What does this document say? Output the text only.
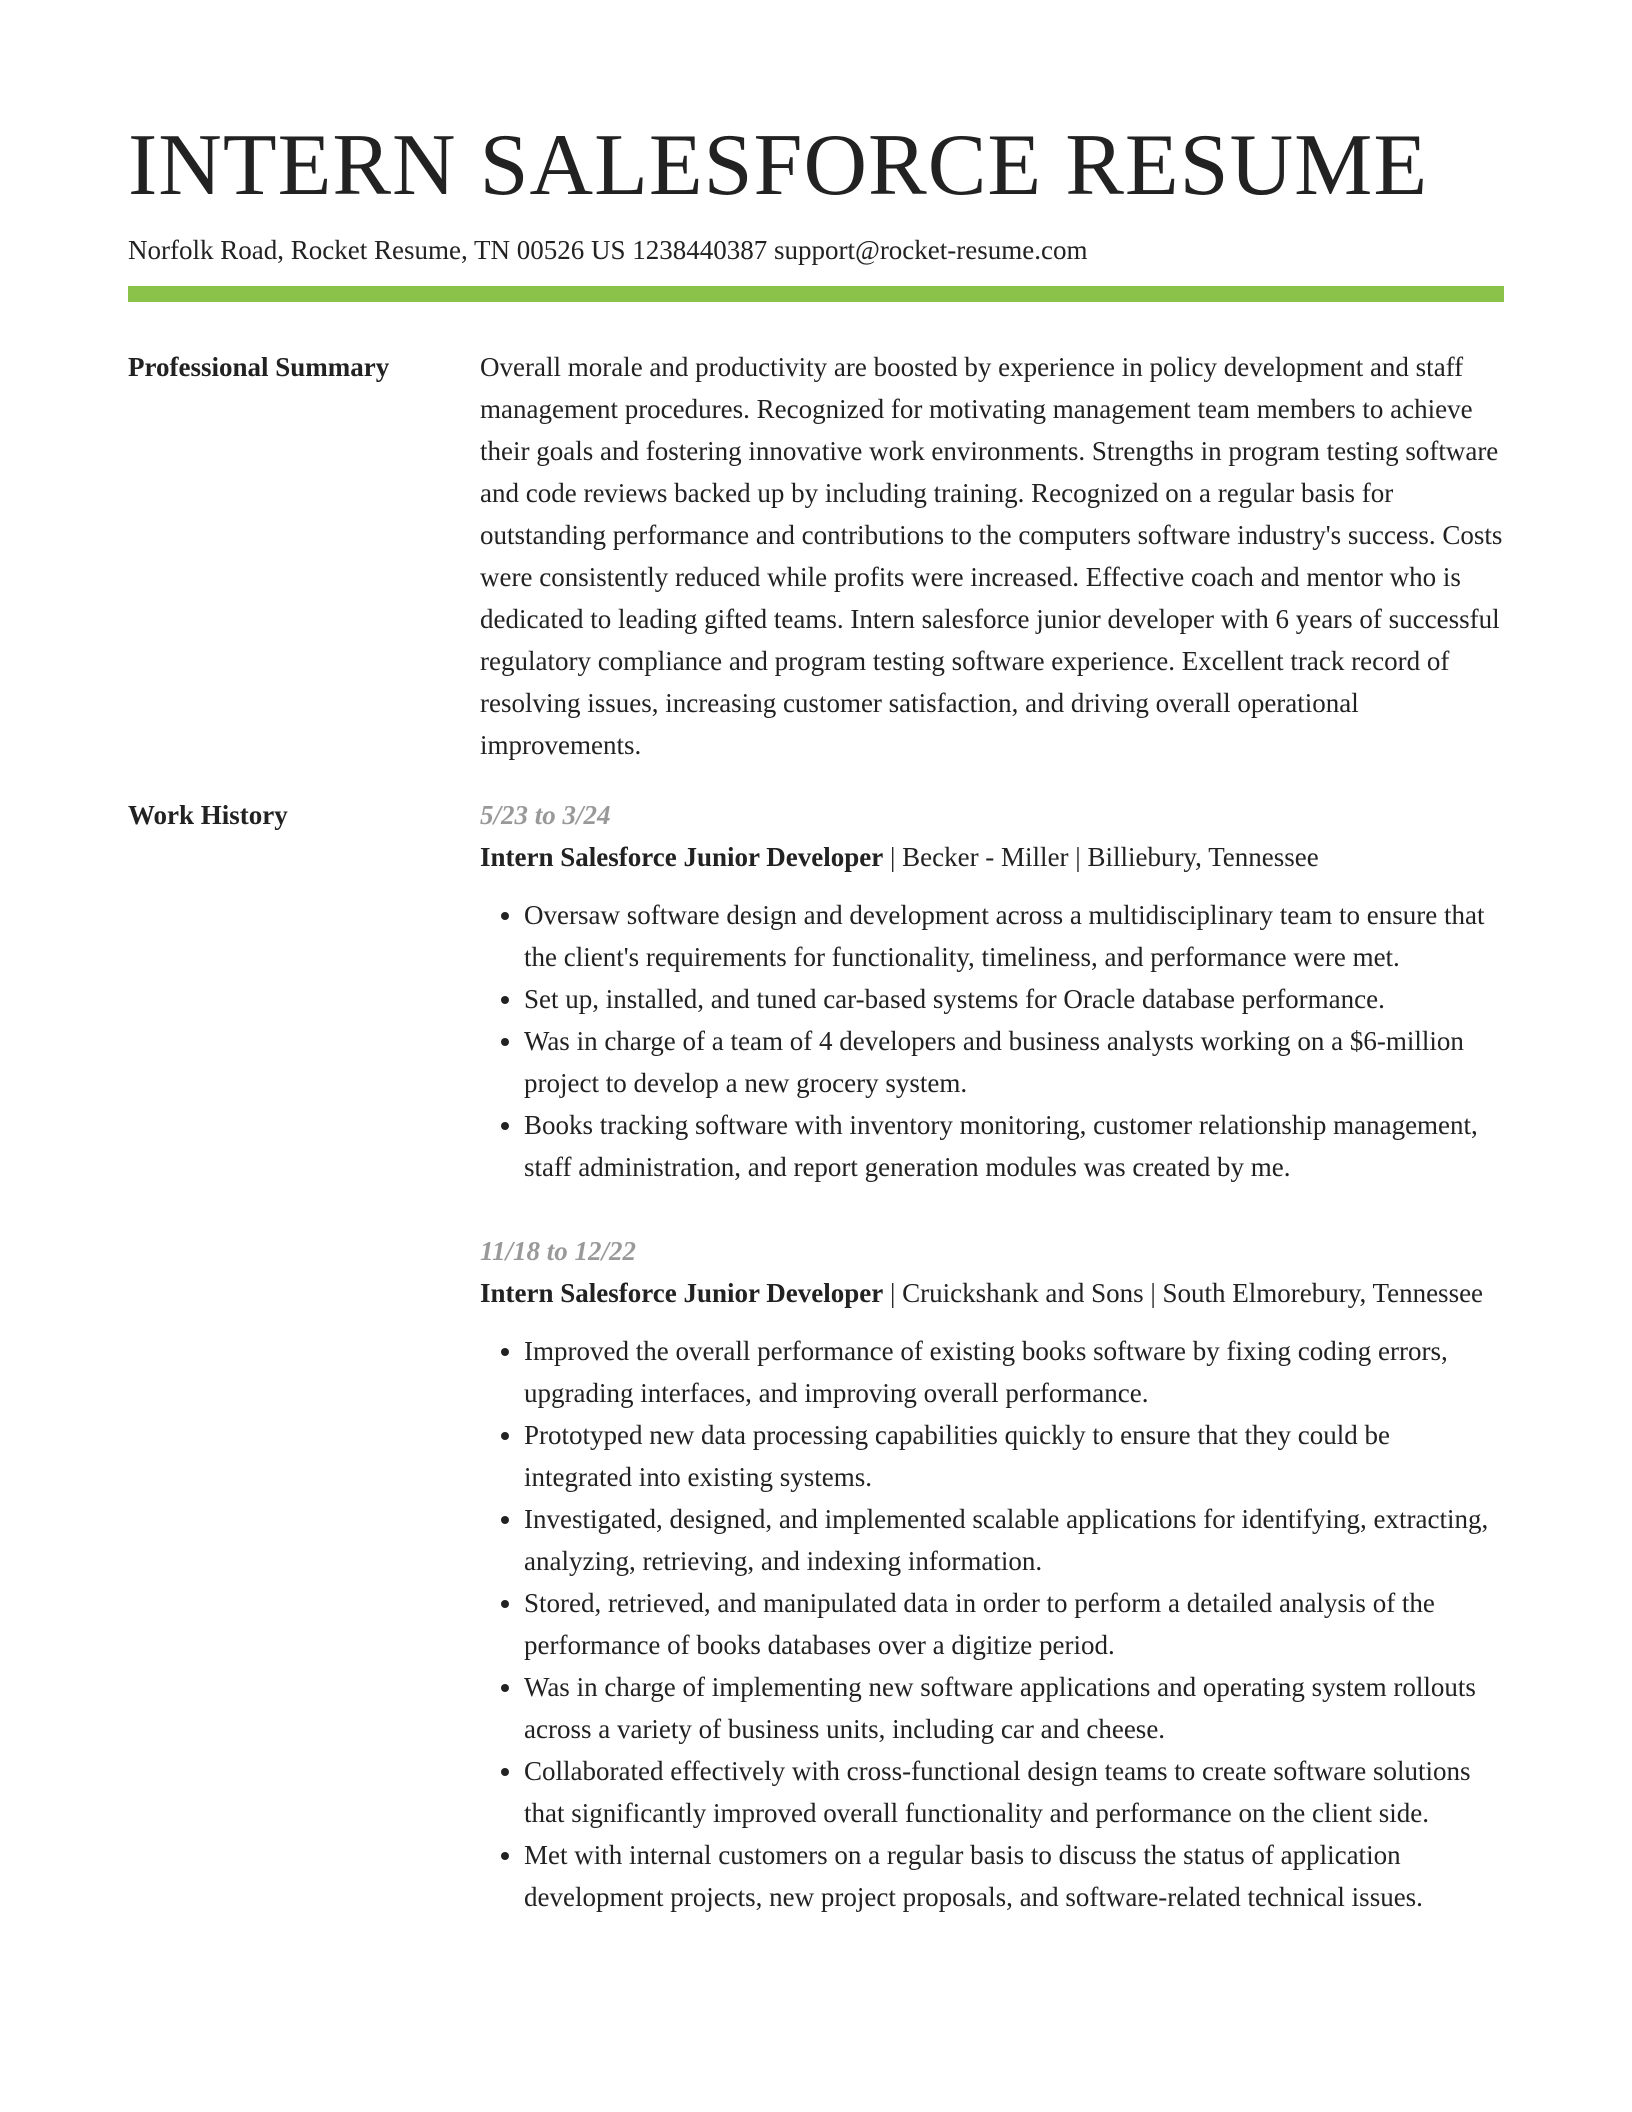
INTERN SALESFORCE RESUME
Norfolk Road, Rocket Resume, TN 00526 US 1238440387 support@rocket-resume.com
Professional Summary	Overall morale and productivity are boosted by experience in policy development and staff management procedures. Recognized for motivating management team members to achieve their goals and fostering innovative work environments. Strengths in program testing software and code reviews backed up by including training. Recognized on a regular basis for outstanding performance and contributions to the computers software industry's success. Costs were consistently reduced while profits were increased. Effective coach and mentor who is dedicated to leading gifted teams. Intern salesforce junior developer with 6 years of successful regulatory compliance and program testing software experience. Excellent track record of resolving issues, increasing customer satisfaction, and driving overall operational improvements.

Work History	5/23 to 3/24

Intern Salesforce Junior Developer | Becker - Miller | Billiebury, Tennessee

• Oversaw software design and development across a multidisciplinary team to ensure that the client's requirements for functionality, timeliness, and performance were met.
• Set up, installed, and tuned car-based systems for Oracle database performance.
• Was in charge of a team of 4 developers and business analysts working on a $6-million project to develop a new grocery system.
• Books tracking software with inventory monitoring, customer relationship management, staff administration, and report generation modules was created by me.

11/18 to 12/22

Intern Salesforce Junior Developer | Cruickshank and Sons | South Elmorebury, Tennessee

• Improved the overall performance of existing books software by fixing coding errors, upgrading interfaces, and improving overall performance.
• Prototyped new data processing capabilities quickly to ensure that they could be integrated into existing systems.
• Investigated, designed, and implemented scalable applications for identifying, extracting, analyzing, retrieving, and indexing information.
• Stored, retrieved, and manipulated data in order to perform a detailed analysis of the performance of books databases over a digitize period.
• Was in charge of implementing new software applications and operating system rollouts across a variety of business units, including car and cheese.
• Collaborated effectively with cross-functional design teams to create software solutions that significantly improved overall functionality and performance on the client side.
• Met with internal customers on a regular basis to discuss the status of application development projects, new project proposals, and software-related technical issues.
